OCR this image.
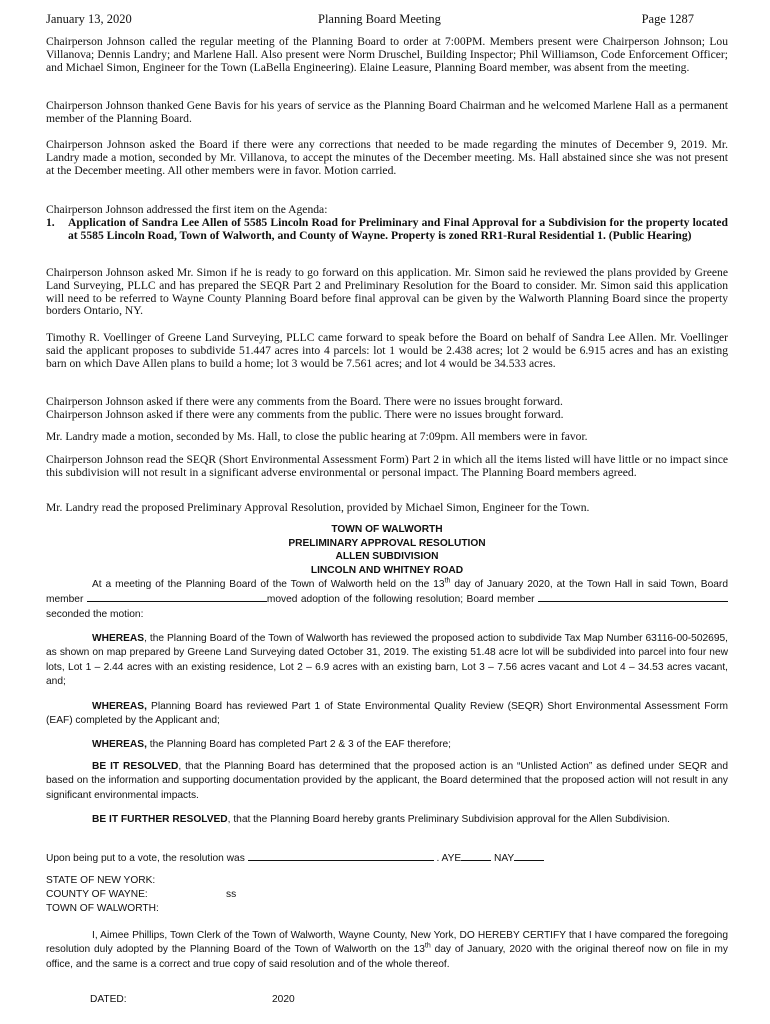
January 13, 2020	Planning Board Meeting	Page 1287

Chairperson Johnson called the regular meeting of the Planning Board to order at 7:00PM. Members present were Chairperson Johnson; Lou Villanova; Dennis Landry; and Marlene Hall. Also present were Norm Druschel, Building Inspector; Phil Williamson, Code Enforcement Officer; and Michael Simon, Engineer for the Town (LaBella Engineering). Elaine Leasure, Planning Board member, was absent from the meeting.

Chairperson Johnson thanked Gene Bavis for his years of service as the Planning Board Chairman and he welcomed Marlene Hall as a permanent member of the Planning Board.

Chairperson Johnson asked the Board if there were any corrections that needed to be made regarding the minutes of December 9, 2019. Mr. Landry made a motion, seconded by Mr. Villanova, to accept the minutes of the December meeting. Ms. Hall abstained since she was not present at the December meeting. All other members were in favor. Motion carried.

Chairperson Johnson addressed the first item on the Agenda:

1. Application of Sandra Lee Allen of 5585 Lincoln Road for Preliminary and Final Approval for a Subdivision for the property located at 5585 Lincoln Road, Town of Walworth, and County of Wayne. Property is zoned RR1-Rural Residential 1. (Public Hearing)

Chairperson Johnson asked Mr. Simon if he is ready to go forward on this application. Mr. Simon said he reviewed the plans provided by Greene Land Surveying, PLLC and has prepared the SEQR Part 2 and Preliminary Resolution for the Board to consider. Mr. Simon said this application will need to be referred to Wayne County Planning Board before final approval can be given by the Walworth Planning Board since the property borders Ontario, NY.

Timothy R. Voellinger of Greene Land Surveying, PLLC came forward to speak before the Board on behalf of Sandra Lee Allen. Mr. Voellinger said the applicant proposes to subdivide 51.447 acres into 4 parcels: lot 1 would be 2.438 acres; lot 2 would be 6.915 acres and has an existing barn on which Dave Allen plans to build a home; lot 3 would be 7.561 acres; and lot 4 would be 34.533 acres.

Chairperson Johnson asked if there were any comments from the Board. There were no issues brought forward.

Chairperson Johnson asked if there were any comments from the public. There were no issues brought forward.

Mr. Landry made a motion, seconded by Ms. Hall, to close the public hearing at 7:09pm. All members were in favor.

Chairperson Johnson read the SEQR (Short Environmental Assessment Form) Part 2 in which all the items listed will have little or no impact since this subdivision will not result in a significant adverse environmental or personal impact. The Planning Board members agreed.

Mr. Landry read the proposed Preliminary Approval Resolution, provided by Michael Simon, Engineer for the Town.

TOWN OF WALWORTH
PRELIMINARY APPROVAL RESOLUTION
ALLEN SUBDIVISION
LINCOLN AND WHITNEY ROAD

At a meeting of the Planning Board of the Town of Walworth held on the 13th day of January 2020, at the Town Hall in said Town, Board member	moved adoption of the following resolution; Board member seconded the motion:

WHEREAS, the Planning Board of the Town of Walworth has reviewed the proposed action to subdivide Tax Map Number 63116-00-502695, as shown on map prepared by Greene Land Surveying dated October 31, 2019. The existing 51.48 acre lot will be subdivided into parcel into four new lots, Lot 1 – 2.44 acres with an existing residence, Lot 2 – 6.9 acres with an existing barn, Lot 3 – 7.56 acres vacant and Lot 4 – 34.53 acres vacant, and;

WHEREAS, Planning Board has reviewed Part 1 of State Environmental Quality Review (SEQR) Short Environmental Assessment Form (EAF) completed by the Applicant and;

WHEREAS, the Planning Board has completed Part 2 & 3 of the EAF therefore;

BE IT RESOLVED, that the Planning Board has determined that the proposed action is an “Unlisted Action” as defined under SEQR and based on the information and supporting documentation provided by the applicant, the Board determined that the proposed action will not result in any significant environmental impacts.

BE IT FURTHER RESOLVED, that the Planning Board hereby grants Preliminary Subdivision approval for the Allen Subdivision.

Upon being put to a vote, the resolution was	. AYE	NAY

STATE OF NEW YORK:

COUNTY OF WAYNE:	ss

TOWN OF WALWORTH:

I, Aimee Phillips, Town Clerk of the Town of Walworth, Wayne County, New York, DO HEREBY CERTIFY that I have compared the foregoing resolution duly adopted by the Planning Board of the Town of Walworth on the 13th day of January, 2020 with the original thereof now on file in my office, and the same is a correct and true copy of said resolution and of the whole thereof.

DATED:	2020
